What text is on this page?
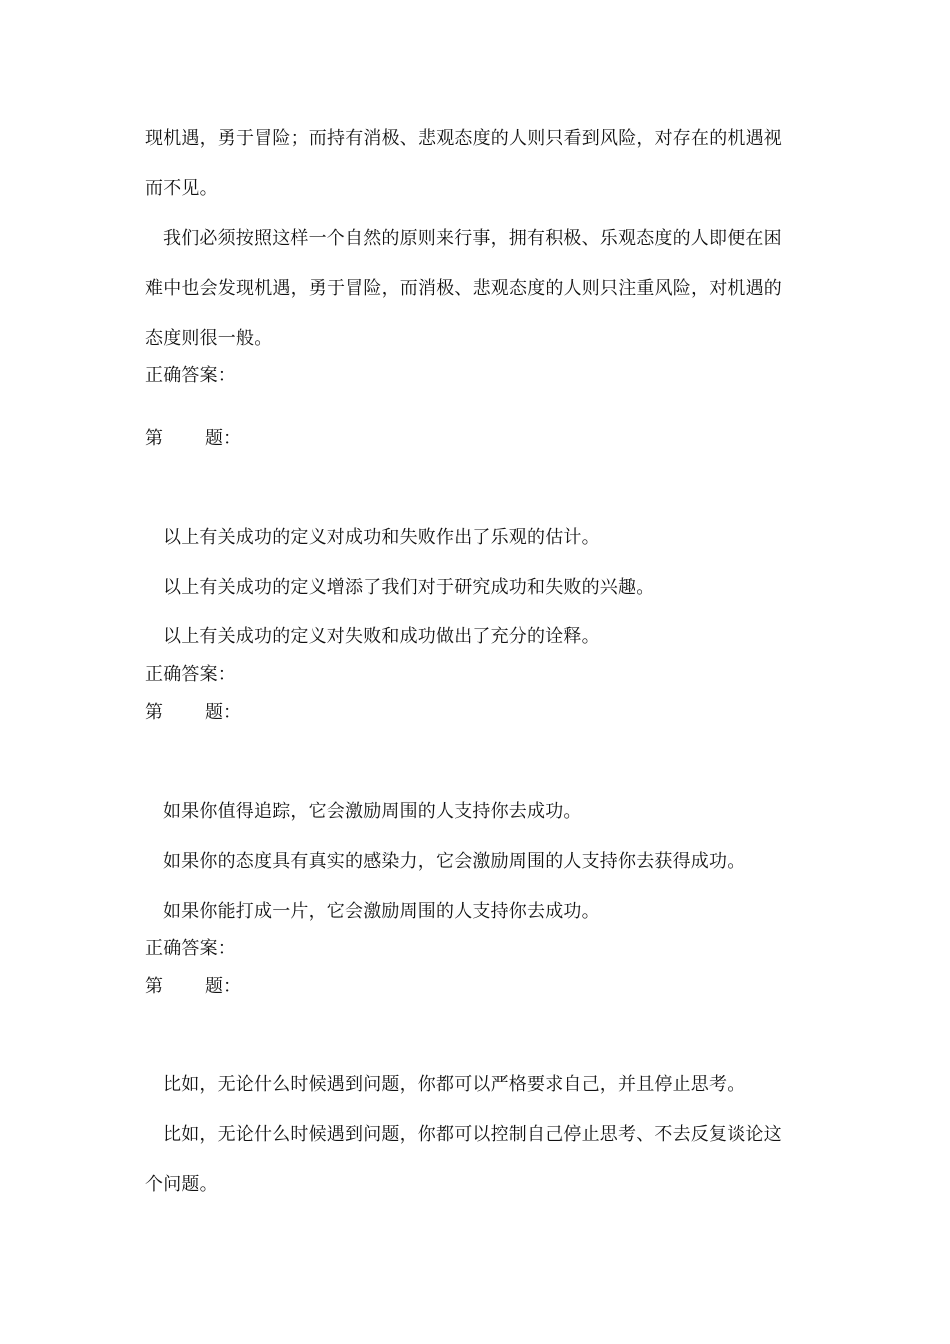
现机遇，勇于冒险；而持有消极、悲观态度的人则只看到风险，对存在的机遇视
而不见。
我们必须按照这样一个自然的原则来行事，拥有积极、乐观态度的人即便在困
难中也会发现机遇，勇于冒险，而消极、悲观态度的人则只注重风险，对机遇的
态度则很一般。
正确答案：
第 题：
以上有关成功的定义对成功和失败作出了乐观的估计。
以上有关成功的定义增添了我们对于研究成功和失败的兴趣。
以上有关成功的定义对失败和成功做出了充分的诠释。
正确答案：
第 题：
如果你值得追踪，它会激励周围的人支持你去成功。
如果你的态度具有真实的感染力，它会激励周围的人支持你去获得成功。
如果你能打成一片，它会激励周围的人支持你去成功。
正确答案：
第 题：
比如，无论什么时候遇到问题，你都可以严格要求自己，并且停止思考。
比如，无论什么时候遇到问题，你都可以控制自己停止思考、不去反复谈论这
个问题。
